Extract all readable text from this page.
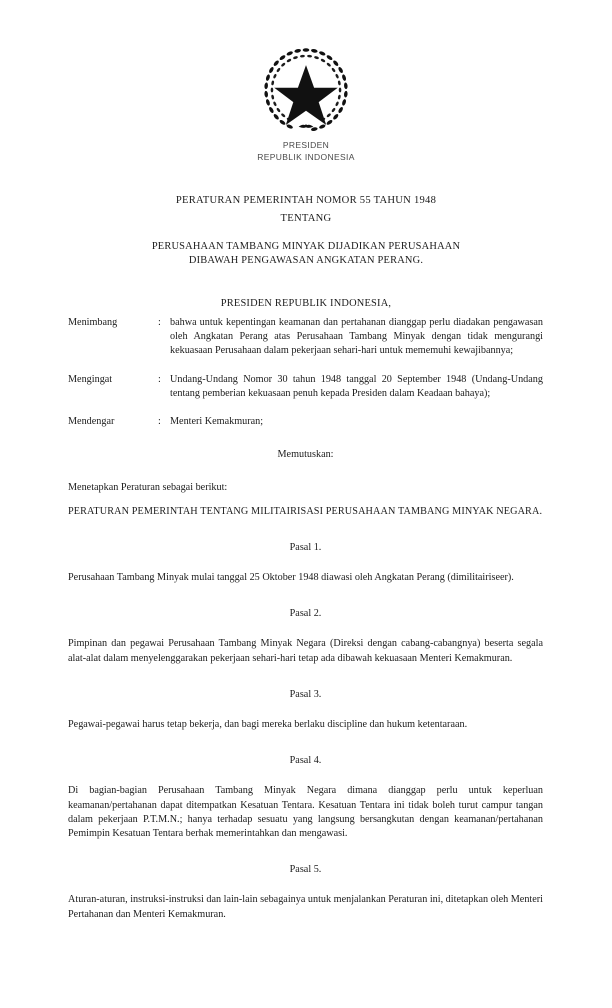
PRESIDEN
REPUBLIK INDONESIA
PERATURAN PEMERINTAH NOMOR 55 TAHUN 1948
TENTANG
PERUSAHAAN TAMBANG MINYAK DIJADIKAN PERUSAHAAN
DIBAWAH PENGAWASAN ANGKATAN PERANG.
PRESIDEN REPUBLIK INDONESIA,
Menimbang	: bahwa untuk kepentingan keamanan dan pertahanan dianggap perlu diadakan pengawasan oleh Angkatan Perang atas Perusahaan Tambang Minyak dengan tidak mengurangi kekuasaan Perusahaan dalam pekerjaan sehari-hari untuk mememuhi kewajibannya;
Mengingat	: Undang-Undang Nomor 30 tahun 1948 tanggal 20 September 1948 (Undang-Undang tentang pemberian kekuasaan penuh kepada Presiden dalam Keadaan bahaya);
Mendengar	: Menteri Kemakmuran;
Memutuskan:
Menetapkan Peraturan sebagai berikut:
PERATURAN PEMERINTAH TENTANG MILITAIRISASI PERUSAHAAN TAMBANG MINYAK NEGARA.
Pasal 1.
Perusahaan Tambang Minyak mulai tanggal 25 Oktober 1948 diawasi oleh Angkatan Perang (dimilitairiseer).
Pasal 2.
Pimpinan dan pegawai Perusahaan Tambang Minyak Negara (Direksi dengan cabang-cabangnya) beserta segala alat-alat dalam menyelenggarakan pekerjaan sehari-hari tetap ada dibawah kekuasaan Menteri Kemakmuran.
Pasal 3.
Pegawai-pegawai harus tetap bekerja, dan bagi mereka berlaku discipline dan hukum ketentaraan.
Pasal 4.
Di bagian-bagian Perusahaan Tambang Minyak Negara dimana dianggap perlu untuk keperluan keamanan/pertahanan dapat ditempatkan Kesatuan Tentara. Kesatuan Tentara ini tidak boleh turut campur tangan dalam pekerjaan P.T.M.N.; hanya terhadap sesuatu yang langsung bersangkutan dengan keamanan/pertahanan Pemimpin Kesatuan Tentara berhak memerintahkan dan mengawasi.
Pasal 5.
Aturan-aturan, instruksi-instruksi dan lain-lain sebagainya untuk menjalankan Peraturan ini, ditetapkan oleh Menteri Pertahanan dan Menteri Kemakmuran.
